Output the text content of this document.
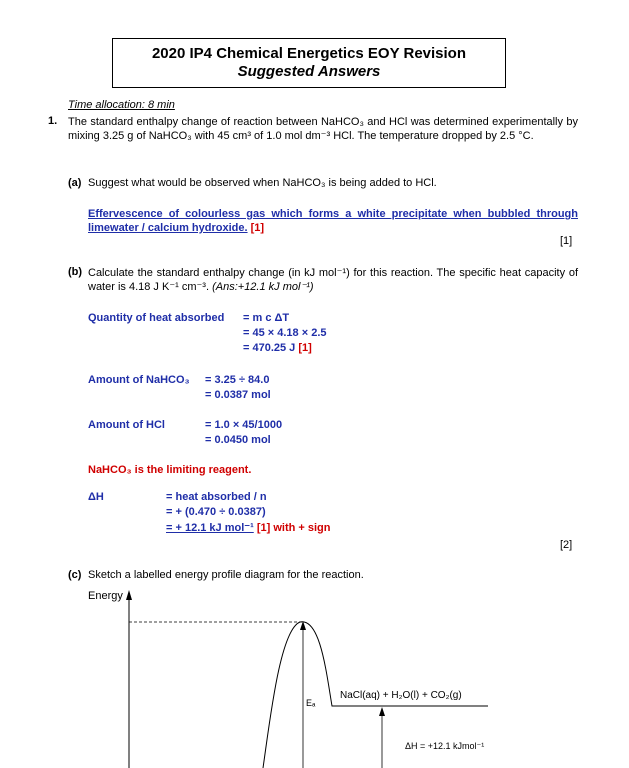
2020 IP4 Chemical Energetics EOY Revision
Suggested Answers
Time allocation: 8 min
1. The standard enthalpy change of reaction between NaHCO₃ and HCl was determined experimentally by mixing 3.25 g of NaHCO₃ with 45 cm³ of 1.0 mol dm⁻³ HCl. The temperature dropped by 2.5 °C.
(a) Suggest what would be observed when NaHCO₃ is being added to HCl.
Effervescence of colourless gas which forms a white precipitate when bubbled through limewater / calcium hydroxide. [1]
[1]
(b) Calculate the standard enthalpy change (in kJ mol⁻¹) for this reaction. The specific heat capacity of water is 4.18 J K⁻¹ cm⁻³. (Ans:+12.1 kJ mol⁻¹)
Quantity of heat absorbed = m c ΔT
= 45 × 4.18 × 2.5
= 470.25 J [1]
Amount of NaHCO₃ = 3.25 ÷ 84.0
= 0.0387 mol
Amount of HCl	= 1.0 × 45/1000
= 0.0450 mol
NaHCO₃ is the limiting reagent.
ΔH	= heat absorbed / n
= + (0.470 ÷ 0.0387)
= + 12.1 kJ mol⁻¹ [1] with + sign
[2]
(c) Sketch a labelled energy profile diagram for the reaction.
Energy
Eₐ
NaCl(aq) + H₂O(l) + CO₂(g)
ΔH = +12.1 kJmol⁻¹
